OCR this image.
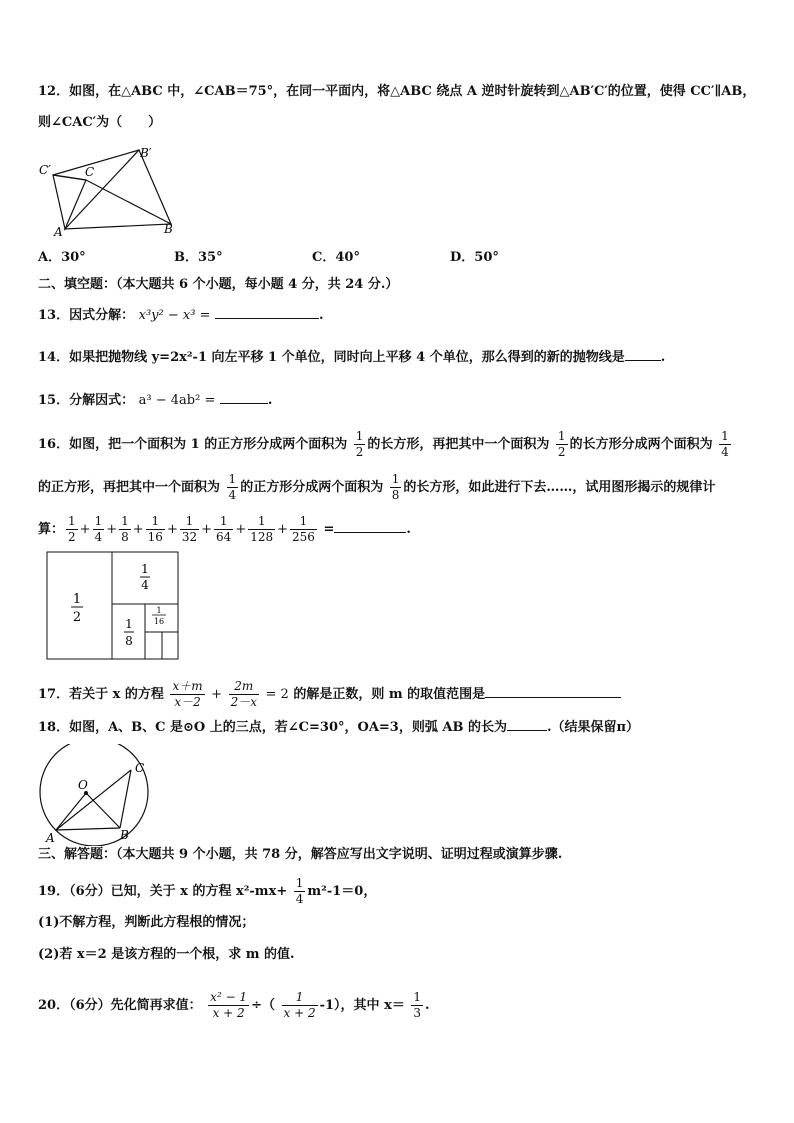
12．如图，在△ABC 中，∠CAB＝75°，在同一平面内，将△ABC 绕点 A 逆时针旋转到△AB′C′的位置，使得 CC′∥AB，
则∠CAC′为（　　）
C′	C
B′
A	B
A．30°	B．35°	C．40°	D．50°
二、填空题：（本大题共 6 个小题，每小题 4 分，共 24 分.）
13．因式分解： x³y² − x³ =	.
14．如果把抛物线 y=2x²-1 向左平移 1 个单位，同时向上平移 4 个单位，那么得到的新的抛物线是	.
15．分解因式： a³ − 4ab² =	.
16．如图，把一个面积为 1 的正方形分成两个面积为 $\frac{1}{2}$ 的长方形，再把其中一个面积为 $\frac{1}{2}$ 的长方形分成两个面积为 $\frac{1}{4}$
的正方形，再把其中一个面积为 $\frac{1}{4}$ 的正方形分成两个面积为 $\frac{1}{8}$ 的长方形，如此进行下去……，试用图形揭示的规律计
算： $\frac{1}{2} + \frac{1}{4} + \frac{1}{8} + \frac{1}{16} + \frac{1}{32} + \frac{1}{64} + \frac{1}{128} + \frac{1}{256}$ =	.
1
2
1
4
1
8
1
16
17．若关于 x 的方程 $\frac{x+m}{x-2} + \frac{2m}{2-x} = 2$ 的解是正数，则 m 的取值范围是
18．如图，A、B、C 是⊙O 上的三点，若∠C=30°，OA=3，则弧 AB 的长为	.（结果保留π）
O
C
A	B
三、解答题：（本大题共 9 个小题，共 78 分，解答应写出文字说明、证明过程或演算步骤.
19．（6分）已知，关于 x 的方程 $x^2-mx+ \frac{1}{4} m^2-1=0$，
(1)不解方程，判断此方程根的情况；
(2)若 x＝2 是该方程的一个根，求 m 的值.
20．（6分）先化简再求值： $\frac{\text{x² − 1}}{x + 2}$ ÷（ $\frac{1}{x + 2} -1$），其中 $x= \frac{1}{3}$ .
